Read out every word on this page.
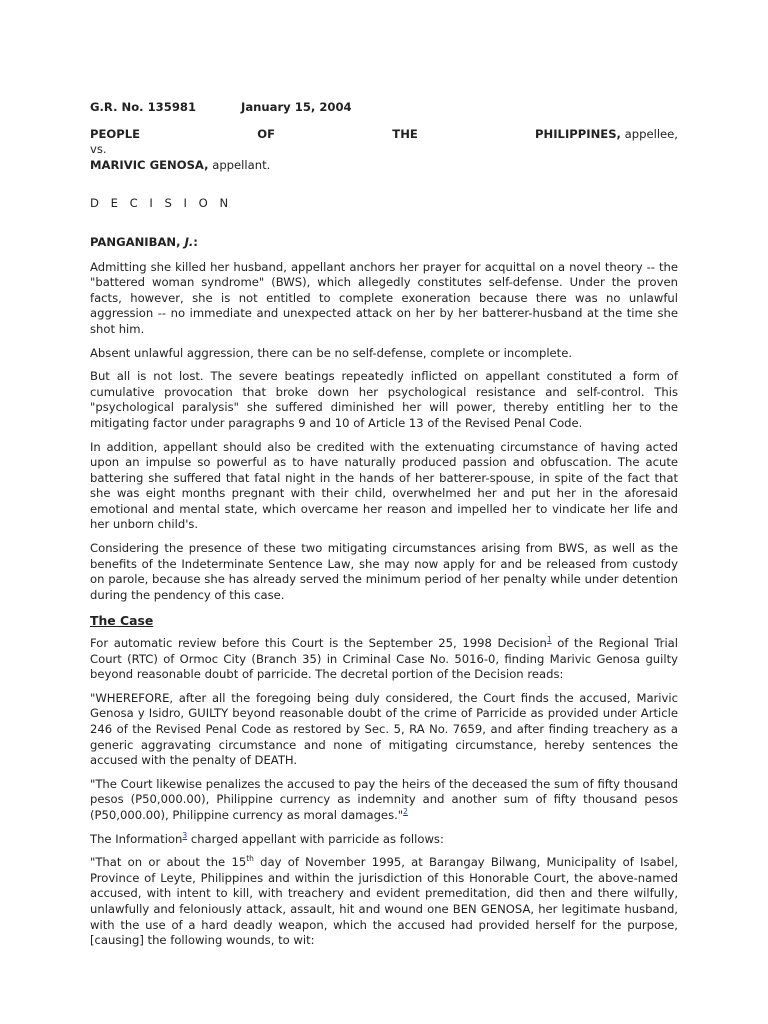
G.R. No. 135981	January 15, 2004
PEOPLE	OF	THE	PHILIPPINES, appellee,
vs.
MARIVIC GENOSA, appellant.
D E C I S I O N
PANGANIBAN, J.:

Admitting she killed her husband, appellant anchors her prayer for acquittal on a novel theory -- the "battered woman syndrome" (BWS), which allegedly constitutes self-defense. Under the proven facts, however, she is not entitled to complete exoneration because there was no unlawful aggression -- no immediate and unexpected attack on her by her batterer-husband at the time she shot him.

Absent unlawful aggression, there can be no self-defense, complete or incomplete.

But all is not lost. The severe beatings repeatedly inflicted on appellant constituted a form of cumulative provocation that broke down her psychological resistance and self-control. This "psychological paralysis" she suffered diminished her will power, thereby entitling her to the mitigating factor under paragraphs 9 and 10 of Article 13 of the Revised Penal Code.

In addition, appellant should also be credited with the extenuating circumstance of having acted upon an impulse so powerful as to have naturally produced passion and obfuscation. The acute battering she suffered that fatal night in the hands of her batterer-spouse, in spite of the fact that she was eight months pregnant with their child, overwhelmed her and put her in the aforesaid emotional and mental state, which overcame her reason and impelled her to vindicate her life and her unborn child's.

Considering the presence of these two mitigating circumstances arising from BWS, as well as the benefits of the Indeterminate Sentence Law, she may now apply for and be released from custody on parole, because she has already served the minimum period of her penalty while under detention during the pendency of this case.

The Case

For automatic review before this Court is the September 25, 1998 Decision$^1$ of the Regional Trial Court (RTC) of Ormoc City (Branch 35) in Criminal Case No. 5016-0, finding Marivic Genosa guilty beyond reasonable doubt of parricide. The decretal portion of the Decision reads:

"WHEREFORE, after all the foregoing being duly considered, the Court finds the accused, Marivic Genosa y Isidro, GUILTY beyond reasonable doubt of the crime of Parricide as provided under Article 246 of the Revised Penal Code as restored by Sec. 5, RA No. 7659, and after finding treachery as a generic aggravating circumstance and none of mitigating circumstance, hereby sentences the accused with the penalty of DEATH.

"The Court likewise penalizes the accused to pay the heirs of the deceased the sum of fifty thousand pesos (P50,000.00), Philippine currency as indemnity and another sum of fifty thousand pesos (P50,000.00), Philippine currency as moral damages."$^2$

The Information$^3$ charged appellant with parricide as follows:

"That on or about the 15th day of November 1995, at Barangay Bilwang, Municipality of Isabel, Province of Leyte, Philippines and within the jurisdiction of this Honorable Court, the above-named accused, with intent to kill, with treachery and evident premeditation, did then and there wilfully, unlawfully and feloniously attack, assault, hit and wound one BEN GENOSA, her legitimate husband, with the use of a hard deadly weapon, which the accused had provided herself for the purpose, [causing] the following wounds, to wit:
